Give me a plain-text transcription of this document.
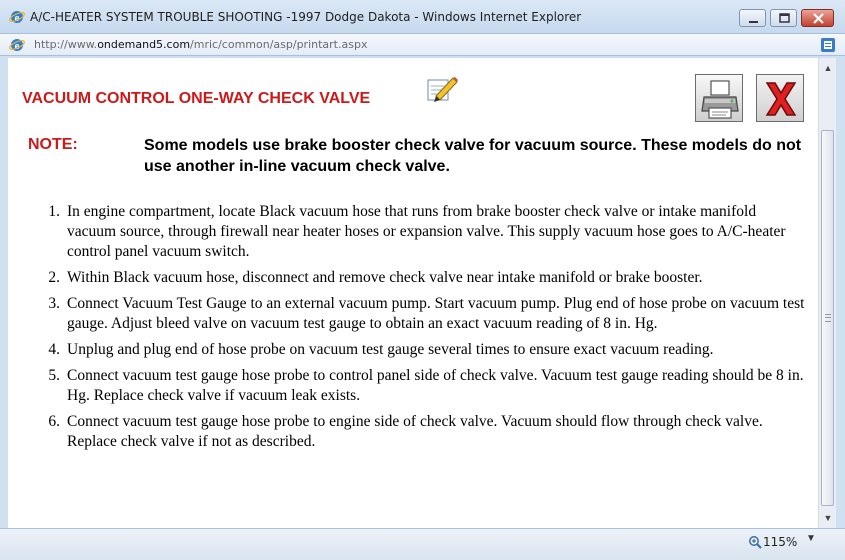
e A/C-HEATER SYSTEM TROUBLE SHOOTING -1997 Dodge Dakota - Windows Internet Explorer
e http://www.ondemand5.com/mric/common/asp/printart.aspx
VACUUM CONTROL ONE-WAY CHECK VALVE
NOTE:	Some models use brake booster check valve for vacuum source. These models do not use another in-line vacuum check valve.
1. In engine compartment, locate Black vacuum hose that runs from brake booster check valve or intake manifold vacuum source, through firewall near heater hoses or expansion valve. This supply vacuum hose goes to A/C-heater control panel vacuum switch.
2. Within Black vacuum hose, disconnect and remove check valve near intake manifold or brake booster.
3. Connect Vacuum Test Gauge to an external vacuum pump. Start vacuum pump. Plug end of hose probe on vacuum test gauge. Adjust bleed valve on vacuum test gauge to obtain an exact vacuum reading of 8 in. Hg.
4. Unplug and plug end of hose probe on vacuum test gauge several times to ensure exact vacuum reading.
5. Connect vacuum test gauge hose probe to control panel side of check valve. Vacuum test gauge reading should be 8 in. Hg. Replace check valve if vacuum leak exists.
6. Connect vacuum test gauge hose probe to engine side of check valve. Vacuum should flow through check valve. Replace check valve if not as described.
▲
▼
115% ▼
